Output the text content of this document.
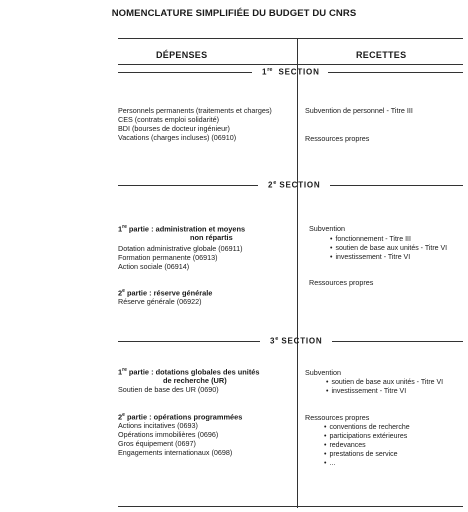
NOMENCLATURE SIMPLIFIÉE DU BUDGET DU CNRS
DÉPENSES	RECETTES
1re SECTION
Personnels permanents (traitements et charges)
CES (contrats emploi solidarité)
BDI (bourses de docteur ingénieur)
Vacations (charges incluses) (06910)
Subvention de personnel - Titre III
Ressources propres
2e SECTION
1re partie : administration et moyens
non répartis
Dotation administrative globale (06911)
Formation permanente (06913)
Action sociale (06914)
2e partie : réserve générale
Réserve générale (06922)
Subvention
• fonctionnement - Titre III
• soutien de base aux unités - Titre VI
• investissement - Titre VI
Ressources propres
3e SECTION
1re partie : dotations globales des unités
de recherche (UR)
Soutien de base des UR (0690)
2e partie : opérations programmées
Actions incitatives (0693)
Opérations immobilières (0696)
Gros équipement (0697)
Engagements internationaux (0698)
Subvention
• soutien de base aux unités - Titre VI
• investissement - Titre VI
Ressources propres
• conventions de recherche
• participations extérieures
• redevances
• prestations de service
• ...
